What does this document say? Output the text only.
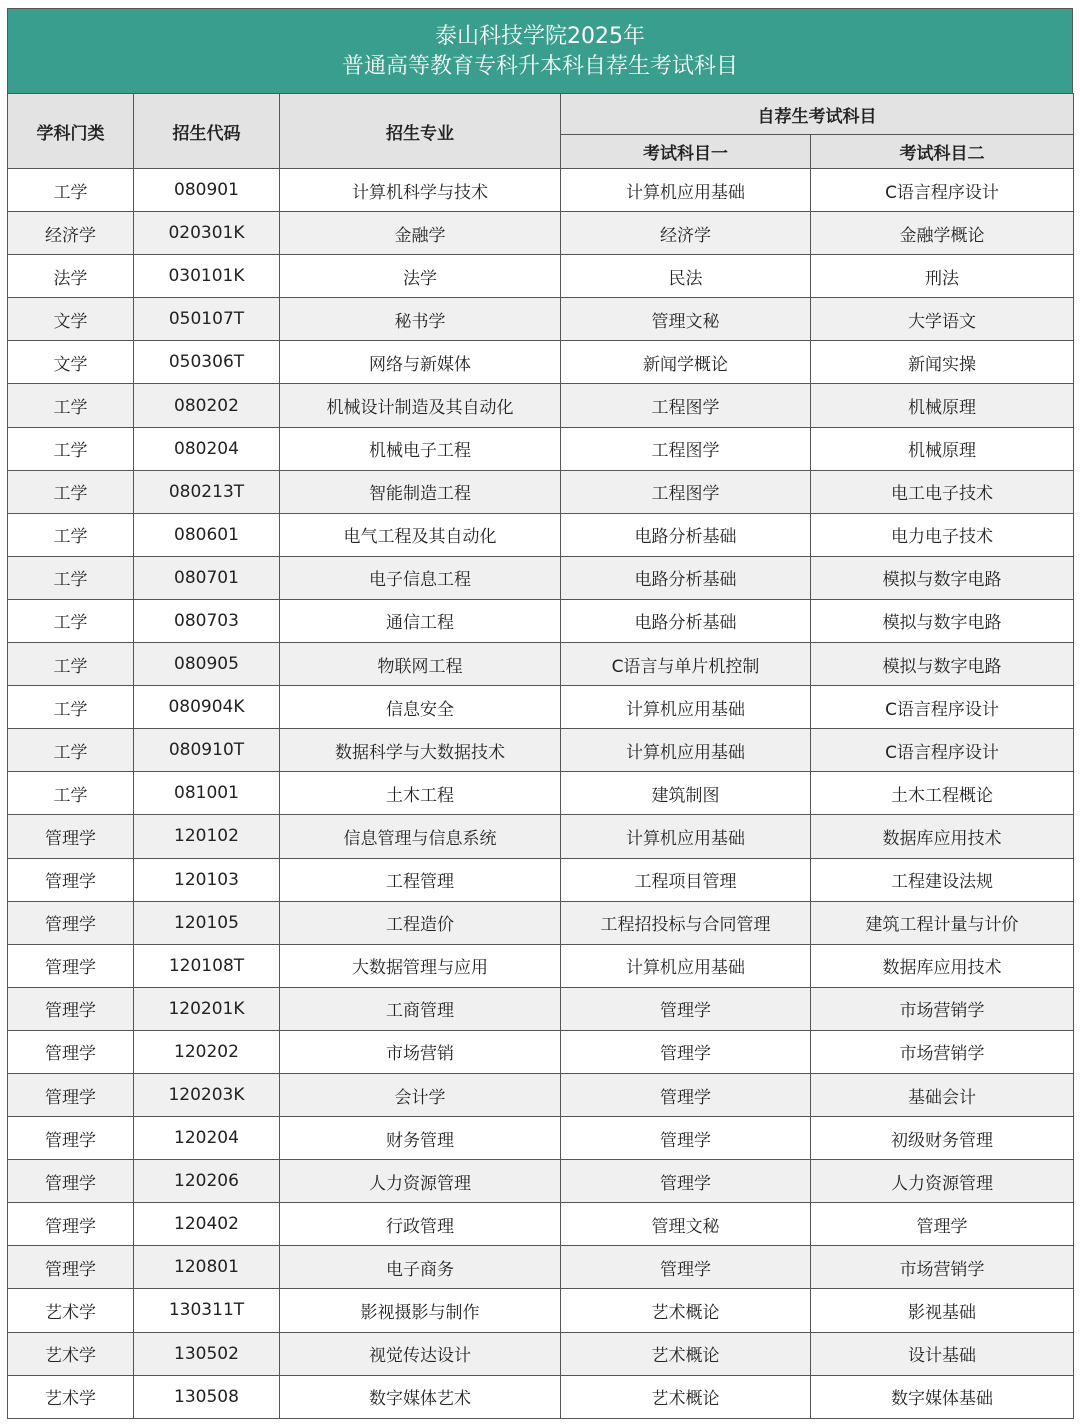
泰山科技学院2025年
普通高等教育专科升本科自荐生考试科目
学科门类	招生代码	招生专业	自荐生考试科目	
			考试科目一	考试科目二
工学	080901	计算机科学与技术	计算机应用基础	C语言程序设计
经济学	020301K	金融学	经济学	金融学概论
法学	030101K	法学	民法	刑法
文学	050107T	秘书学	管理文秘	大学语文
文学	050306T	网络与新媒体	新闻学概论	新闻实操
工学	080202	机械设计制造及其自动化	工程图学	机械原理
工学	080204	机械电子工程	工程图学	机械原理
工学	080213T	智能制造工程	工程图学	电工电子技术
工学	080601	电气工程及其自动化	电路分析基础	电力电子技术
工学	080701	电子信息工程	电路分析基础	模拟与数字电路
工学	080703	通信工程	电路分析基础	模拟与数字电路
工学	080905	物联网工程	C语言与单片机控制	模拟与数字电路
工学	080904K	信息安全	计算机应用基础	C语言程序设计
工学	080910T	数据科学与大数据技术	计算机应用基础	C语言程序设计
工学	081001	土木工程	建筑制图	土木工程概论
管理学	120102	信息管理与信息系统	计算机应用基础	数据库应用技术
管理学	120103	工程管理	工程项目管理	工程建设法规
管理学	120105	工程造价	工程招投标与合同管理	建筑工程计量与计价
管理学	120108T	大数据管理与应用	计算机应用基础	数据库应用技术
管理学	120201K	工商管理	管理学	市场营销学
管理学	120202	市场营销	管理学	市场营销学
管理学	120203K	会计学	管理学	基础会计
管理学	120204	财务管理	管理学	初级财务管理
管理学	120206	人力资源管理	管理学	人力资源管理
管理学	120402	行政管理	管理文秘	管理学
管理学	120801	电子商务	管理学	市场营销学
艺术学	130311T	影视摄影与制作	艺术概论	影视基础
艺术学	130502	视觉传达设计	艺术概论	设计基础
艺术学	130508	数字媒体艺术	艺术概论	数字媒体基础
